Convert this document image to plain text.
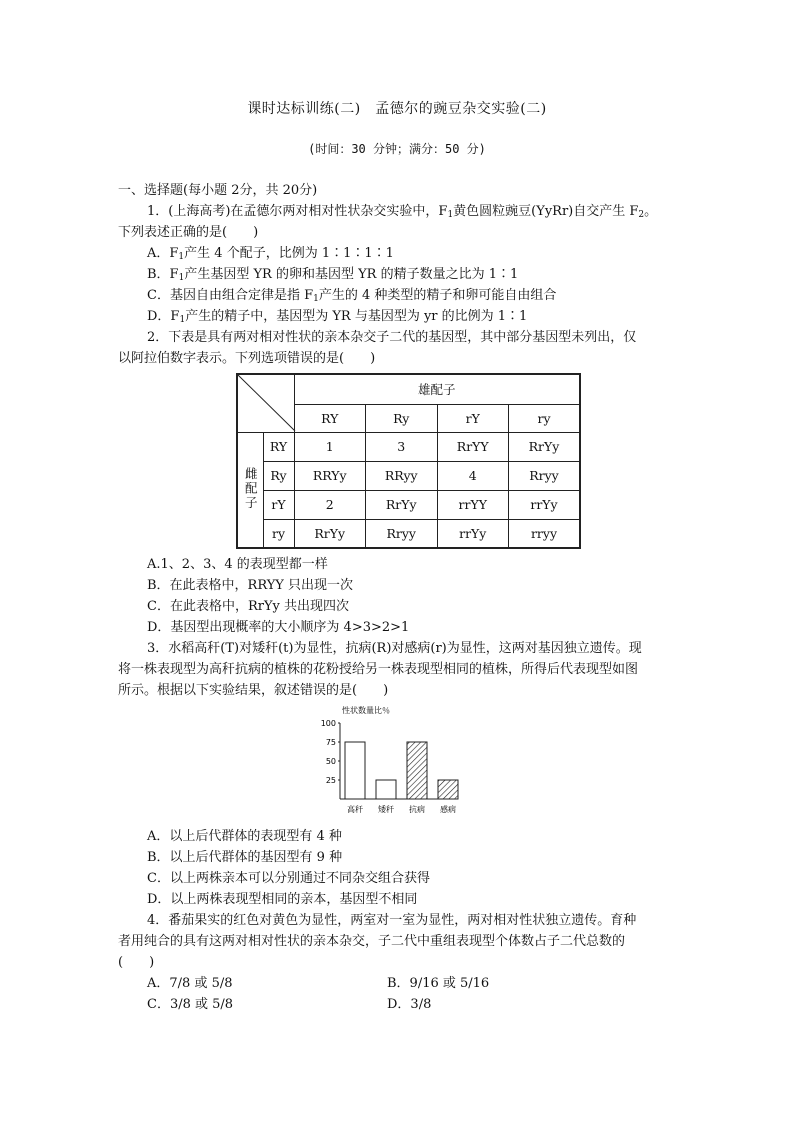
课时达标训练(二)　孟德尔的豌豆杂交实验(二)
(时间：30 分钟；满分：50 分)
一、选择题(每小题 2分，共 20分)
1．(上海高考)在孟德尔两对相对性状杂交实验中，$F_1$黄色圆粒豌豆(YyRr)自交产生 $F_2$。
下列表述正确的是(　　)
A．$F_1$产生 4 个配子，比例为 1∶1∶1∶1
B．$F_1$产生基因型 YR 的卵和基因型 YR 的精子数量之比为 1∶1
C．基因自由组合定律是指 $F_1$产生的 4 种类型的精子和卵可能自由组合
D．$F_1$产生的精子中，基因型为 YR 与基因型为 yr 的比例为 1∶1
2．下表是具有两对相对性状的亲本杂交子二代的基因型，其中部分基因型未列出，仅
以阿拉伯数字表示。下列选项错误的是(　　)
	雄配子			
		RY	Ry	rY	ry
雌配子	RY	1	3	RrYY	RrYy
	Ry	RRYy	RRyy	4	Rryy
	rY	2	RrYy	rrYY	rrYy
	ry	RrYy	Rryy	rrYy	rryy
A.1、2、3、4 的表现型都一样
B．在此表格中，RRYY 只出现一次
C．在此表格中，RrYy 共出现四次
D．基因型出现概率的大小顺序为 4>3>2>1
3．水稻高秆(T)对矮秆(t)为显性，抗病(R)对感病(r)为显性，这两对基因独立遗传。现
将一株表现型为高秆抗病的植株的花粉授给另一株表现型相同的植株，所得后代表现型如图
所示。根据以下实验结果，叙述错误的是(　　)
性状数量比％
25
50
75
100
高秆 矮秆 抗病 感病
A．以上后代群体的表现型有 4 种
B．以上后代群体的基因型有 9 种
C．以上两株亲本可以分别通过不同杂交组合获得
D．以上两株表现型相同的亲本，基因型不相同
4．番茄果实的红色对黄色为显性，两室对一室为显性，两对相对性状独立遗传。育种
者用纯合的具有这两对相对性状的亲本杂交，子二代中重组表现型个体数占子二代总数的
(　　)
A．7/8 或 5/8	B．9/16 或 5/16
C．3/8 或 5/8	D．3/8
